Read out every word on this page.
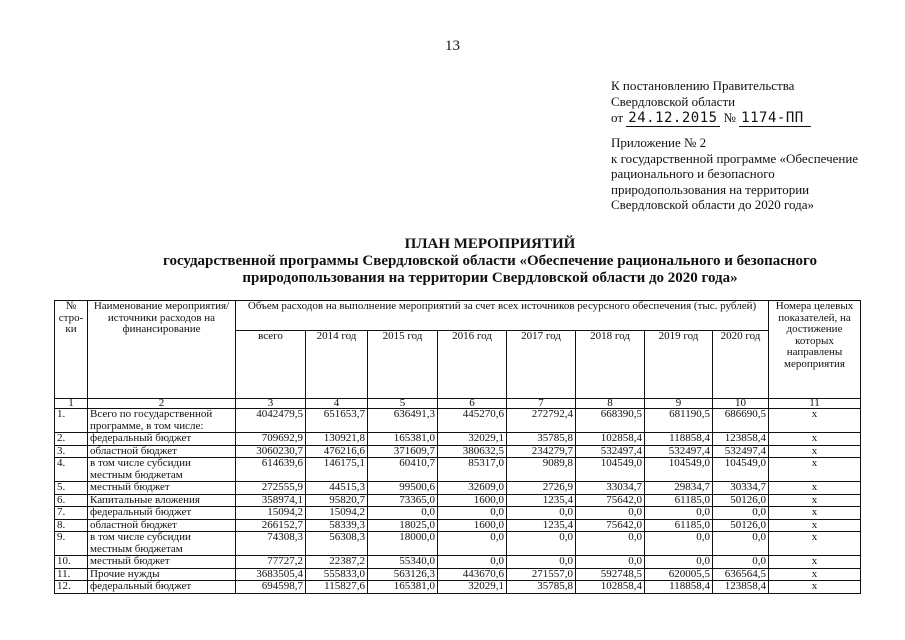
13
К постановлению Правительства
Свердловской области
от 24.12.2015 № 1174-ПП
Приложение № 2
к государственной программе «Обеспечение
рационального и безопасного
природопользования на территории
Свердловской области до 2020 года»
ПЛАН МЕРОПРИЯТИЙ
государственной программы Свердловской области «Обеспечение рационального и безопасного
природопользования на территории Свердловской области до 2020 года»
№ стро-ки	Наименование мероприятия/источники расходов на финансирование	Объем расходов на выполнение мероприятий за счет всех источников ресурсного обеспечения (тыс. рублей)								Номера целевых показателей, на достижение которых направлены мероприятия
		всего	2014 год	2015 год	2016 год	2017 год	2018 год	2019 год	2020 год	
1	2	3	4	5	6	7	8	9	10	11
1.	Всего по государственной программе, в том числе:	4042479,5	651653,7	636491,3	445270,6	272792,4	668390,5	681190,5	686690,5	x
2.	федеральный бюджет	709692,9	130921,8	165381,0	32029,1	35785,8	102858,4	118858,4	123858,4	x
3.	областной бюджет	3060230,7	476216,6	371609,7	380632,5	234279,7	532497,4	532497,4	532497,4	x
4.	в том числе субсидии местным бюджетам	614639,6	146175,1	60410,7	85317,0	9089,8	104549,0	104549,0	104549,0	x
5.	местный бюджет	272555,9	44515,3	99500,6	32609,0	2726,9	33034,7	29834,7	30334,7	x
6.	Капитальные вложения	358974,1	95820,7	73365,0	1600,0	1235,4	75642,0	61185,0	50126,0	x
7.	федеральный бюджет	15094,2	15094,2	0,0	0,0	0,0	0,0	0,0	0,0	x
8.	областной бюджет	266152,7	58339,3	18025,0	1600,0	1235,4	75642,0	61185,0	50126,0	x
9.	в том числе субсидии местным бюджетам	74308,3	56308,3	18000,0	0,0	0,0	0,0	0,0	0,0	x
10.	местный бюджет	77727,2	22387,2	55340,0	0,0	0,0	0,0	0,0	0,0	x
11.	Прочие нужды	3683505,4	555833,0	563126,3	443670,6	271557,0	592748,5	620005,5	636564,5	x
12.	федеральный бюджет	694598,7	115827,6	165381,0	32029,1	35785,8	102858,4	118858,4	123858,4	x
